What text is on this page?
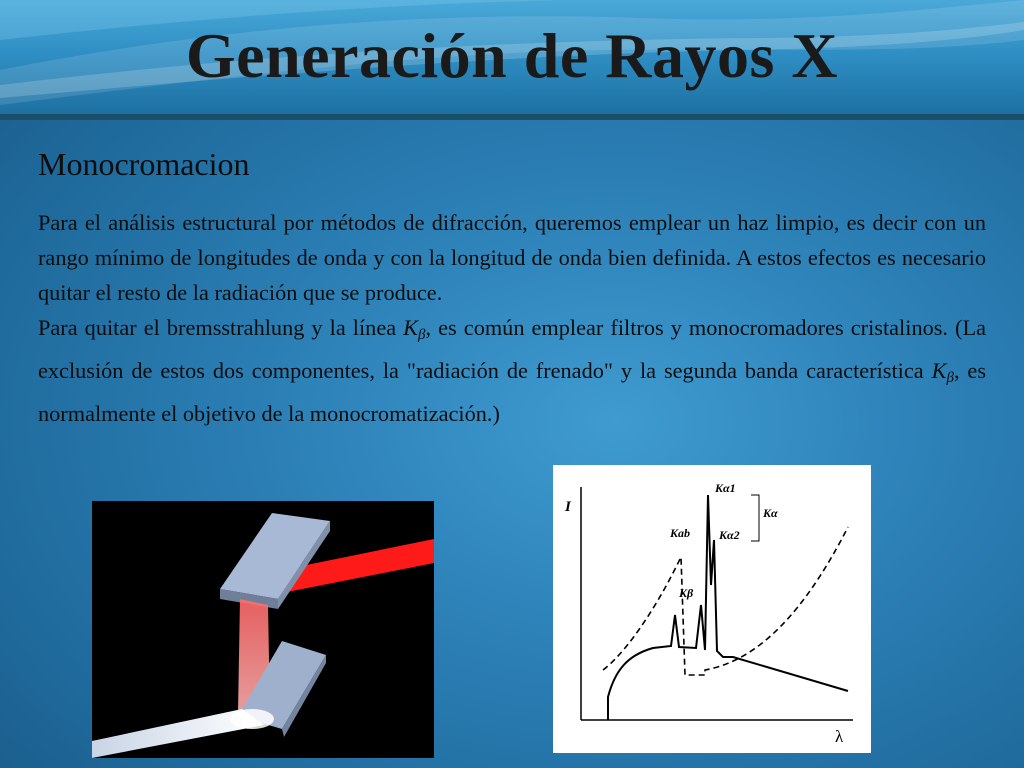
Generación de Rayos X
Monocromacion

Para el análisis estructural por métodos de difracción, queremos emplear un haz limpio, es decir con un rango mínimo de longitudes de onda y con la longitud de onda bien definida. A estos efectos es necesario quitar el resto de la radiación que se produce.

Para quitar el bremsstrahlung y la línea $K_\beta$, es común emplear filtros y monocromadores cristalinos. (La exclusión de estos dos componentes, la "radiación de frenado" y la segunda banda característica $K_\beta$, es normalmente el objetivo de la monocromatización.)

I
λ
Kα1
Kα
Kα2
Kab
Kβ
